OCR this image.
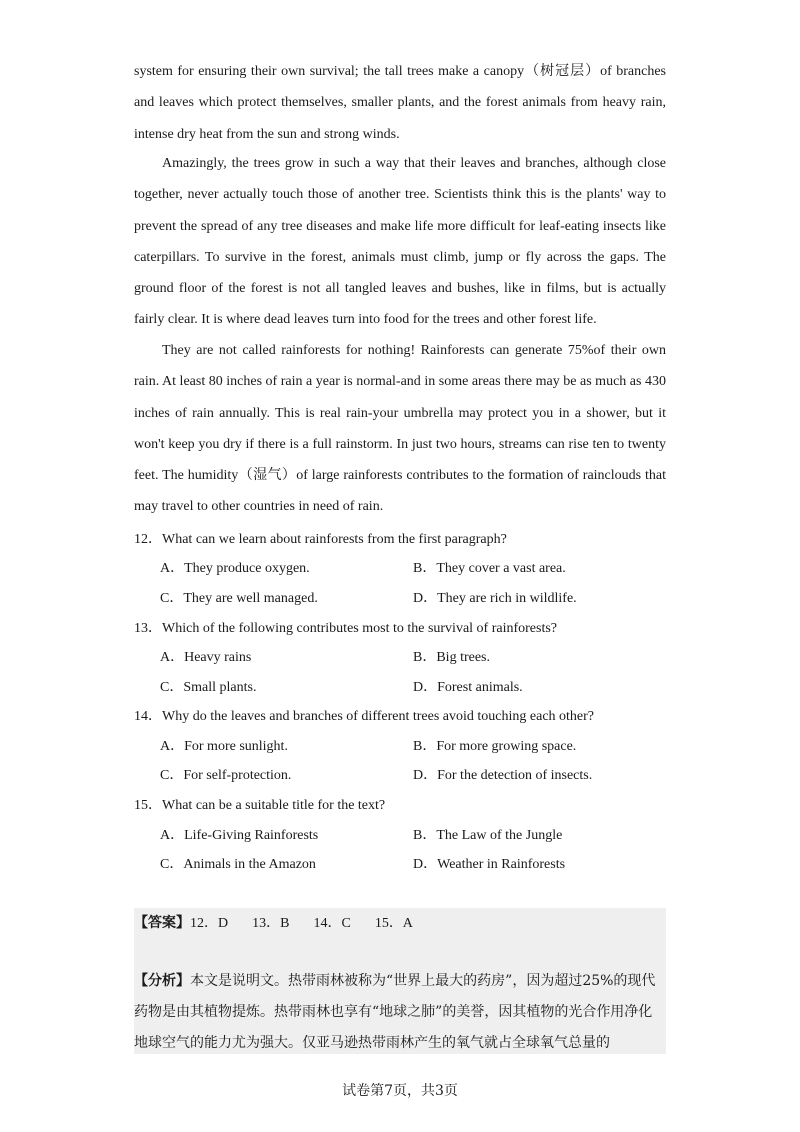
system for ensuring their own survival; the tall trees make a canopy（树冠层）of branches and leaves which protect themselves, smaller plants, and the forest animals from heavy rain, intense dry heat from the sun and strong winds.

Amazingly, the trees grow in such a way that their leaves and branches, although close together, never actually touch those of another tree. Scientists think this is the plants' way to prevent the spread of any tree diseases and make life more difficult for leaf-eating insects like caterpillars. To survive in the forest, animals must climb, jump or fly across the gaps. The ground floor of the forest is not all tangled leaves and bushes, like in films, but is actually fairly clear. It is where dead leaves turn into food for the trees and other forest life.

They are not called rainforests for nothing! Rainforests can generate 75%of their own rain. At least 80 inches of rain a year is normal-and in some areas there may be as much as 430 inches of rain annually. This is real rain-your umbrella may protect you in a shower, but it won't keep you dry if there is a full rainstorm. In just two hours, streams can rise ten to twenty feet. The humidity（湿气）of large rainforests contributes to the formation of rainclouds that may travel to other countries in need of rain.

12．What can we learn about rainforests from the first paragraph?
A．They produce oxygen.	B．They cover a vast area.
C．They are well managed.	D．They are rich in wildlife.
13．Which of the following contributes most to the survival of rainforests?
A．Heavy rains	B．Big trees.
C．Small plants.	D．Forest animals.
14．Why do the leaves and branches of different trees avoid touching each other?
A．For more sunlight.	B．For more growing space.
C．For self-protection.	D．For the detection of insects.
15．What can be a suitable title for the text?
A．Life-Giving Rainforests	B．The Law of the Jungle
C．Animals in the Amazon	D．Weather in Rainforests
【答案】12．D 13．B 14．C 15．A

【分析】本文是说明文。热带雨林被称为“世界上最大的药房”，因为超过25%的现代药物是由其植物提炼。热带雨林也享有“地球之肺”的美誉，因其植物的光合作用净化地球空气的能力尤为强大。仅亚马逊热带雨林产生的氧气就占全球氧气总量的

试卷第7页，共3页
